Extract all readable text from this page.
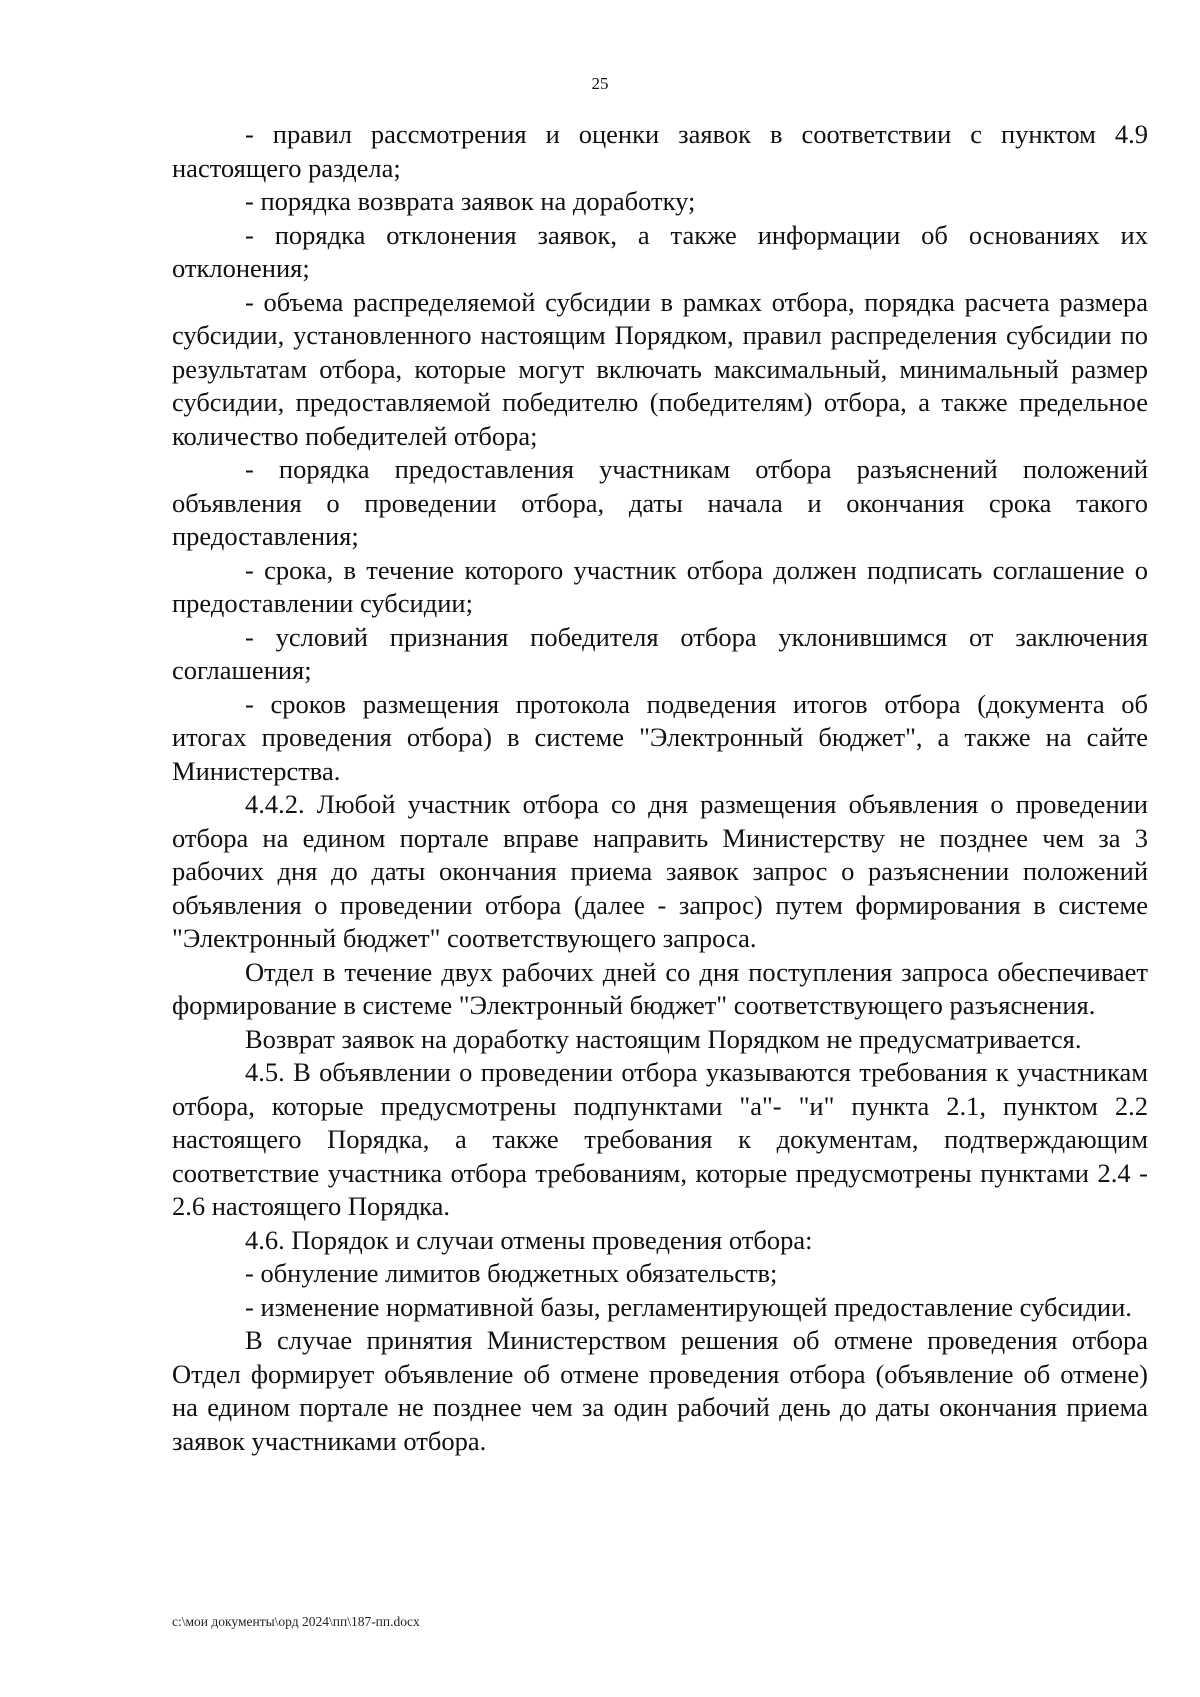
25

- правил рассмотрения и оценки заявок в соответствии с пунктом 4.9 настоящего раздела;

- порядка возврата заявок на доработку;

- порядка отклонения заявок, а также информации об основаниях их отклонения;

- объема распределяемой субсидии в рамках отбора, порядка расчета размера субсидии, установленного настоящим Порядком, правил распределения субсидии по результатам отбора, которые могут включать максимальный, минимальный размер субсидии, предоставляемой победителю (победителям) отбора, а также предельное количество победителей отбора;

- порядка предоставления участникам отбора разъяснений положений объявления о проведении отбора, даты начала и окончания срока такого предоставления;

- срока, в течение которого участник отбора должен подписать соглашение о предоставлении субсидии;

- условий признания победителя отбора уклонившимся от заключения соглашения;

- сроков размещения протокола подведения итогов отбора (документа об итогах проведения отбора) в системе "Электронный бюджет", а также на сайте Министерства.

4.4.2. Любой участник отбора со дня размещения объявления о проведении отбора на едином портале вправе направить Министерству не позднее чем за 3 рабочих дня до даты окончания приема заявок запрос о разъяснении положений объявления о проведении отбора (далее - запрос) путем формирования в системе "Электронный бюджет" соответствующего запроса.

Отдел в течение двух рабочих дней со дня поступления запроса обеспечивает формирование в системе "Электронный бюджет" соответствующего разъяснения.

Возврат заявок на доработку настоящим Порядком не предусматривается.

4.5. В объявлении о проведении отбора указываются требования к участникам отбора, которые предусмотрены подпунктами "а"- "и" пункта 2.1, пунктом 2.2 настоящего Порядка, а также требования к документам, подтверждающим соответствие участника отбора требованиям, которые предусмотрены пунктами 2.4 - 2.6 настоящего Порядка.

4.6. Порядок и случаи отмены проведения отбора:

- обнуление лимитов бюджетных обязательств;

- изменение нормативной базы, регламентирующей предоставление субсидии.

В случае принятия Министерством решения об отмене проведения отбора Отдел формирует объявление об отмене проведения отбора (объявление об отмене) на едином портале не позднее чем за один рабочий день до даты окончания приема заявок участниками отбора.

c:\мои документы\орд 2024\пп\187-пп.docx
